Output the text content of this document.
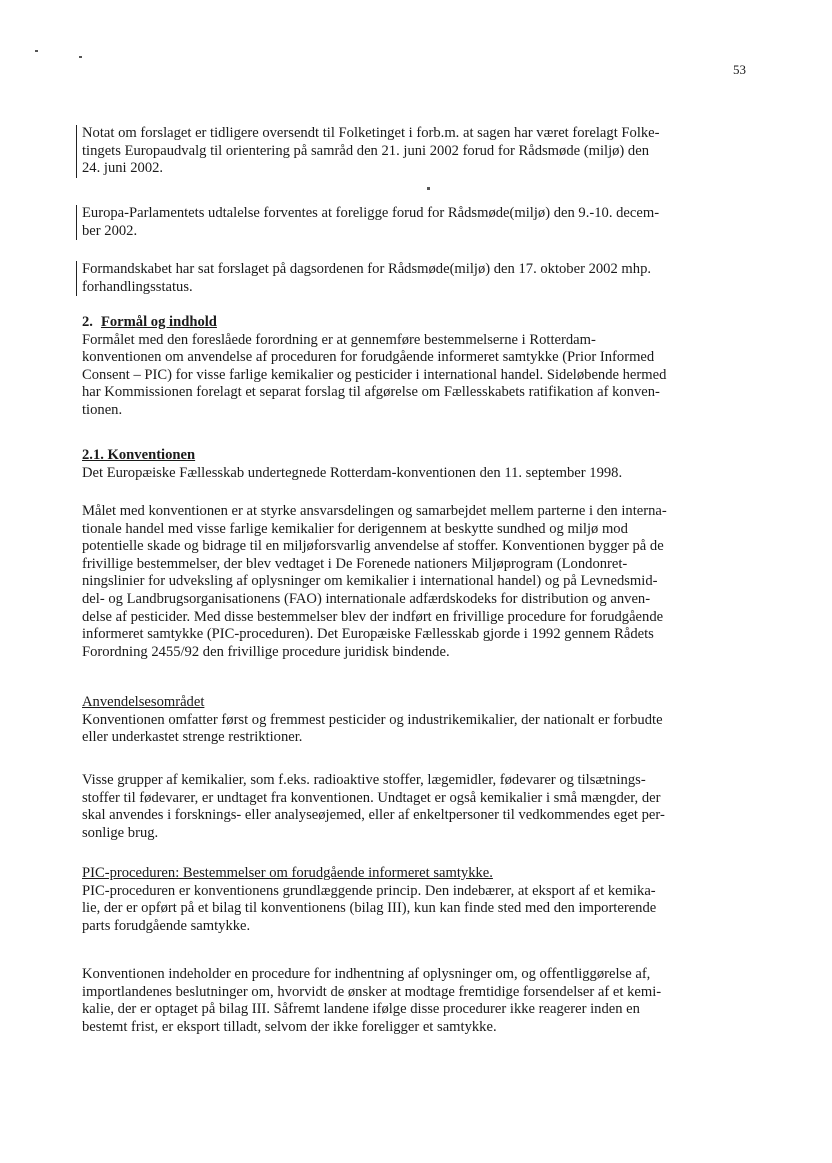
53

Notat om forslaget er tidligere oversendt til Folketinget i forb.m. at sagen har været forelagt Folke-

tingets Europaudvalg til orientering på samråd den 21. juni 2002 forud for Rådsmøde (miljø) den

24. juni 2002.

Europa-Parlamentets udtalelse forventes at foreligge forud for Rådsmøde(miljø) den 9.-10. decem-

ber 2002.

Formandskabet har sat forslaget på dagsordenen for Rådsmøde(miljø) den 17. oktober 2002 mhp.

forhandlingsstatus.

2. Formål og indhold

Formålet med den foreslåede forordning er at gennemføre bestemmelserne i Rotterdam-

konventionen om anvendelse af proceduren for forudgående informeret samtykke (Prior Informed

Consent – PIC) for visse farlige kemikalier og pesticider i international handel. Sideløbende hermed

har Kommissionen forelagt et separat forslag til afgørelse om Fællesskabets ratifikation af konven-

tionen.

2.1. Konventionen

Det Europæiske Fællesskab undertegnede Rotterdam-konventionen den 11. september 1998.

Målet med konventionen er at styrke ansvarsdelingen og samarbejdet mellem parterne i den interna-

tionale handel med visse farlige kemikalier for derigennem at beskytte sundhed og miljø mod

potentielle skade og bidrage til en miljøforsvarlig anvendelse af stoffer. Konventionen bygger på de

frivillige bestemmelser, der blev vedtaget i De Forenede nationers Miljøprogram (Londonret-

ningslinier for udveksling af oplysninger om kemikalier i international handel) og på Levnedsmid-

del- og Landbrugsorganisationens (FAO) internationale adfærdskodeks for distribution og anven-

delse af pesticider. Med disse bestemmelser blev der indført en frivillige procedure for forudgående

informeret samtykke (PIC-proceduren). Det Europæiske Fællesskab gjorde i 1992 gennem Rådets

Forordning 2455/92 den frivillige procedure juridisk bindende.

Anvendelsesområdet

Konventionen omfatter først og fremmest pesticider og industrikemikalier, der nationalt er forbudte

eller underkastet strenge restriktioner.

Visse grupper af kemikalier, som f.eks. radioaktive stoffer, lægemidler, fødevarer og tilsætnings-

stoffer til fødevarer, er undtaget fra konventionen. Undtaget er også kemikalier i små mængder, der

skal anvendes i forsknings- eller analyseøjemed, eller af enkeltpersoner til vedkommendes eget per-

sonlige brug.

PIC-proceduren: Bestemmelser om forudgående informeret samtykke.

PIC-proceduren er konventionens grundlæggende princip. Den indebærer, at eksport af et kemika-

lie, der er opført på et bilag til konventionens (bilag III), kun kan finde sted med den importerende

parts forudgående samtykke.

Konventionen indeholder en procedure for indhentning af oplysninger om, og offentliggørelse af,

importlandenes beslutninger om, hvorvidt de ønsker at modtage fremtidige forsendelser af et kemi-

kalie, der er optaget på bilag III. Såfremt landene ifølge disse procedurer ikke reagerer inden en

bestemt frist, er eksport tilladt, selvom der ikke foreligger et samtykke.
